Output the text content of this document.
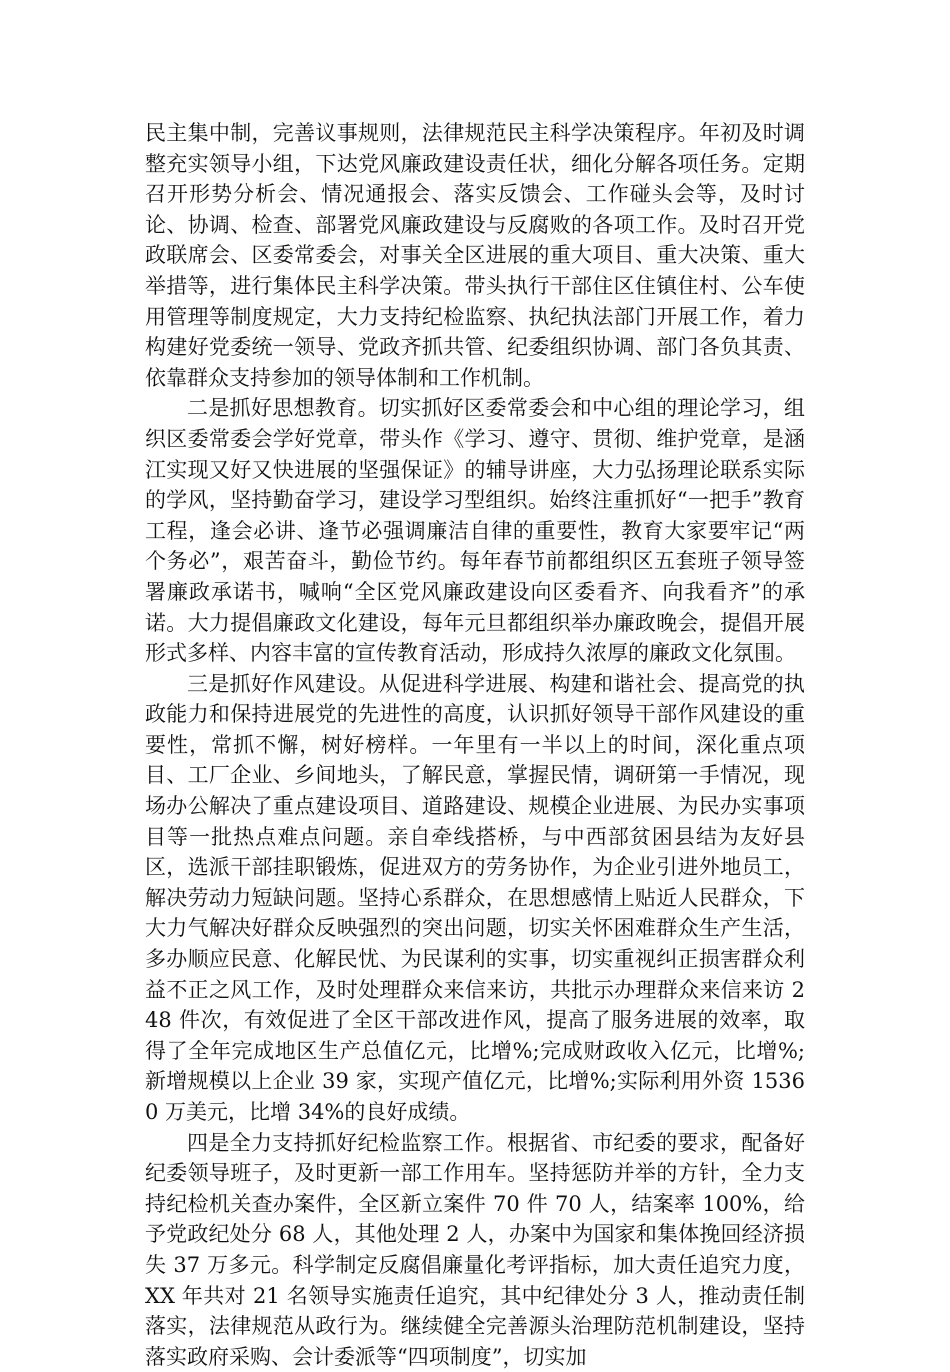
民主集中制，完善议事规则，法律规范民主科学决策程序。年初及时调整充实领导小组，下达党风廉政建设责任状，细化分解各项任务。定期召开形势分析会、情况通报会、落实反馈会、工作碰头会等，及时讨论、协调、检查、部署党风廉政建设与反腐败的各项工作。及时召开党政联席会、区委常委会，对事关全区进展的重大项目、重大决策、重大举措等，进行集体民主科学决策。带头执行干部住区住镇住村、公车使用管理等制度规定，大力支持纪检监察、执纪执法部门开展工作，着力构建好党委统一领导、党政齐抓共管、纪委组织协调、部门各负其责、依靠群众支持参加的领导体制和工作机制。

二是抓好思想教育。切实抓好区委常委会和中心组的理论学习，组织区委常委会学好党章，带头作《学习、遵守、贯彻、维护党章，是涵江实现又好又快进展的坚强保证》的辅导讲座，大力弘扬理论联系实际的学风，坚持勤奋学习，建设学习型组织。始终注重抓好“一把手”教育工程，逢会必讲、逢节必强调廉洁自律的重要性，教育大家要牢记“两个务必”，艰苦奋斗，勤俭节约。每年春节前都组织区五套班子领导签署廉政承诺书，喊响“全区党风廉政建设向区委看齐、向我看齐”的承诺。大力提倡廉政文化建设，每年元旦都组织举办廉政晚会，提倡开展形式多样、内容丰富的宣传教育活动，形成持久浓厚的廉政文化氛围。

三是抓好作风建设。从促进科学进展、构建和谐社会、提高党的执政能力和保持进展党的先进性的高度，认识抓好领导干部作风建设的重要性，常抓不懈，树好榜样。一年里有一半以上的时间，深化重点项目、工厂企业、乡间地头，了解民意，掌握民情，调研第一手情况，现场办公解决了重点建设项目、道路建设、规模企业进展、为民办实事项目等一批热点难点问题。亲自牵线搭桥，与中西部贫困县结为友好县区，选派干部挂职锻炼，促进双方的劳务协作，为企业引进外地员工，解决劳动力短缺问题。坚持心系群众，在思想感情上贴近人民群众，下大力气解决好群众反映强烈的突出问题，切实关怀困难群众生产生活，多办顺应民意、化解民忧、为民谋利的实事，切实重视纠正损害群众利益不正之风工作，及时处理群众来信来访，共批示办理群众来信来访 248 件次，有效促进了全区干部改进作风，提高了服务进展的效率，取得了全年完成地区生产总值亿元，比增%;完成财政收入亿元，比增%;新增规模以上企业 39 家，实现产值亿元，比增%;实际利用外资 15360 万美元，比增 34%的良好成绩。

四是全力支持抓好纪检监察工作。根据省、市纪委的要求，配备好纪委领导班子，及时更新一部工作用车。坚持惩防并举的方针，全力支持纪检机关查办案件，全区新立案件 70 件 70 人，结案率 100%，给予党政纪处分 68 人，其他处理 2 人，办案中为国家和集体挽回经济损失 37 万多元。科学制定反腐倡廉量化考评指标，加大责任追究力度，XX 年共对 21 名领导实施责任追究，其中纪律处分 3 人，推动责任制落实，法律规范从政行为。继续健全完善源头治理防范机制建设，坚持落实政府采购、会计委派等“四项制度”，切实加
